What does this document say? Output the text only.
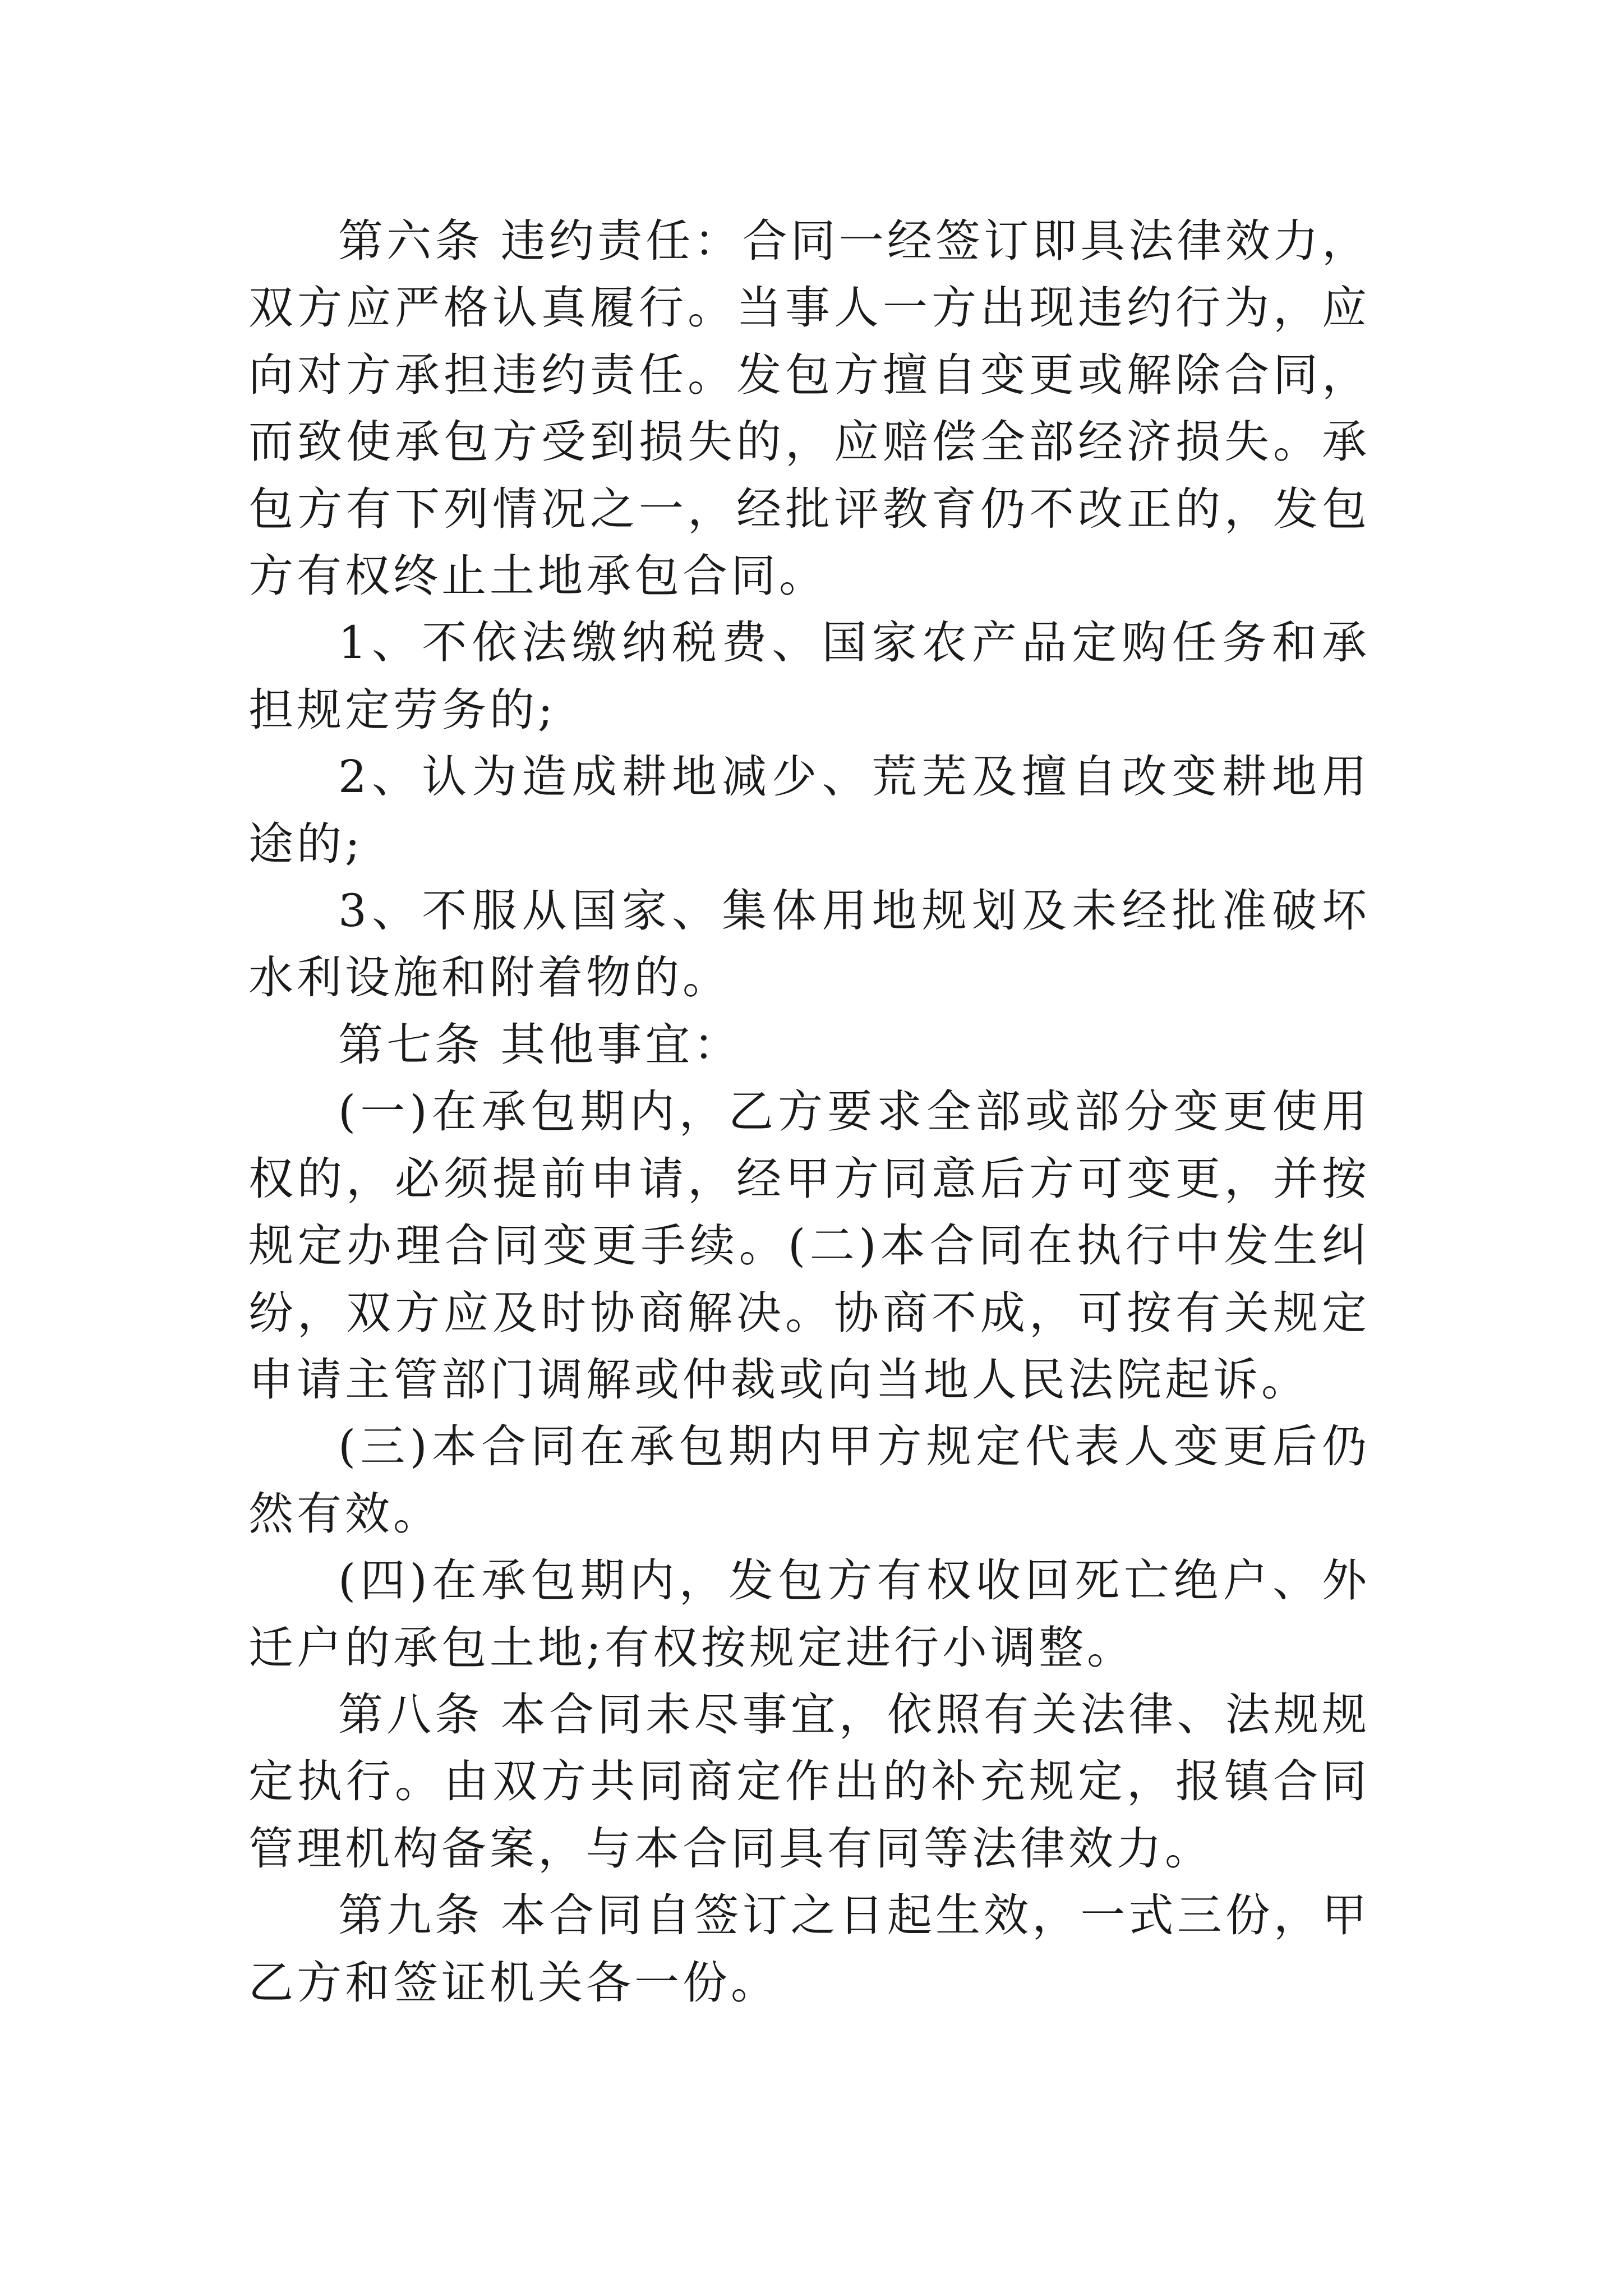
第六条 违约责任：合同一经签订即具法律效力，双方应严格认真履行。当事人一方出现违约行为，应向对方承担违约责任。发包方擅自变更或解除合同，而致使承包方受到损失的，应赔偿全部经济损失。承包方有下列情况之一，经批评教育仍不改正的，发包方有权终止土地承包合同。

1、不依法缴纳税费、国家农产品定购任务和承担规定劳务的;

2、认为造成耕地减少、荒芜及擅自改变耕地用途的;

3、不服从国家、集体用地规划及未经批准破坏水利设施和附着物的。

第七条 其他事宜：

(一)在承包期内，乙方要求全部或部分变更使用权的，必须提前申请，经甲方同意后方可变更，并按规定办理合同变更手续。(二)本合同在执行中发生纠纷，双方应及时协商解决。协商不成，可按有关规定申请主管部门调解或仲裁或向当地人民法院起诉。

(三)本合同在承包期内甲方规定代表人变更后仍然有效。

(四)在承包期内，发包方有权收回死亡绝户、外迁户的承包土地;有权按规定进行小调整。

第八条 本合同未尽事宜，依照有关法律、法规规定执行。由双方共同商定作出的补充规定，报镇合同管理机构备案，与本合同具有同等法律效力。

第九条 本合同自签订之日起生效，一式三份，甲乙方和签证机关各一份。
